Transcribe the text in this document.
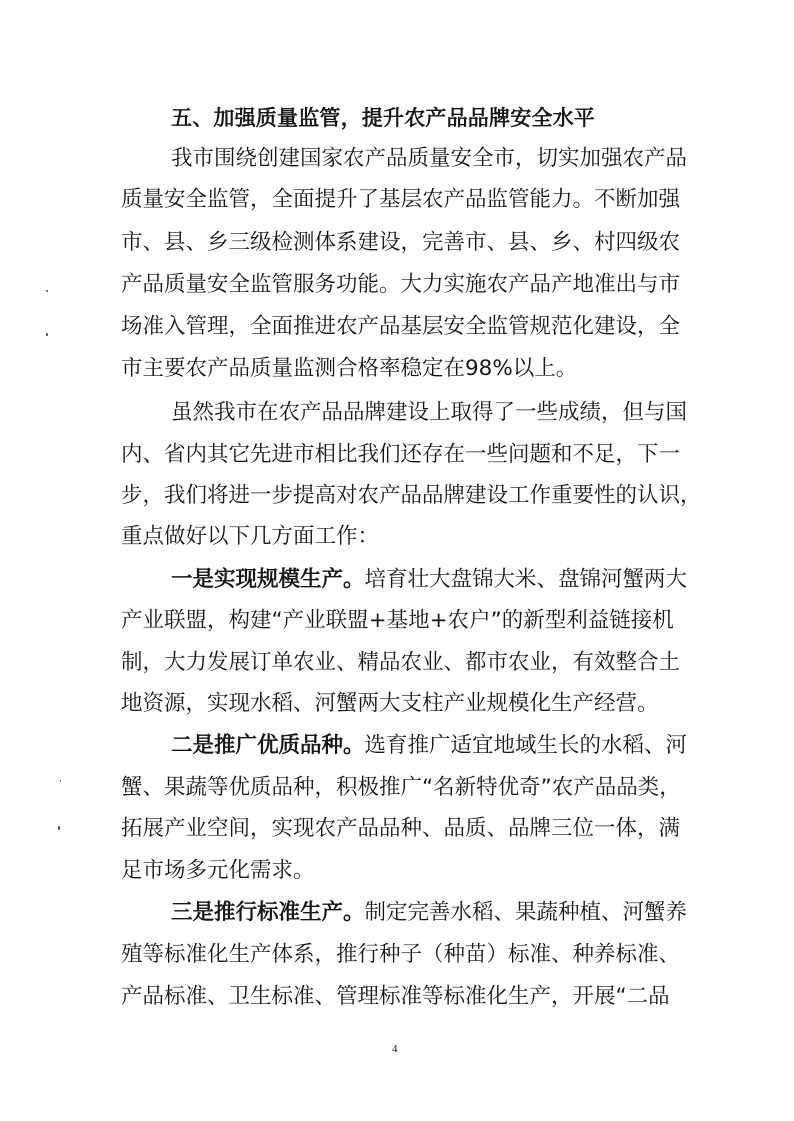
五、加强质量监管，提升农产品品牌安全水平
我市围绕创建国家农产品质量安全市，切实加强农产品
质量安全监管，全面提升了基层农产品监管能力。不断加强
市、县、乡三级检测体系建设，完善市、县、乡、村四级农
产品质量安全监管服务功能。大力实施农产品产地准出与市
场准入管理，全面推进农产品基层安全监管规范化建设，全
市主要农产品质量监测合格率稳定在98%以上。
虽然我市在农产品品牌建设上取得了一些成绩，但与国
内、省内其它先进市相比我们还存在一些问题和不足，下一
步，我们将进一步提高对农产品品牌建设工作重要性的认识，
重点做好以下几方面工作：
一是实现规模生产。培育壮大盘锦大米、盘锦河蟹两大
产业联盟，构建“产业联盟+基地+农户”的新型利益链接机
制，大力发展订单农业、精品农业、都市农业，有效整合土
地资源，实现水稻、河蟹两大支柱产业规模化生产经营。
二是推广优质品种。选育推广适宜地域生长的水稻、河
蟹、果蔬等优质品种，积极推广“名新特优奇”农产品品类，
拓展产业空间，实现农产品品种、品质、品牌三位一体，满
足市场多元化需求。
三是推行标准生产。制定完善水稻、果蔬种植、河蟹养
殖等标准化生产体系，推行种子（种苗）标准、种养标准、
产品标准、卫生标准、管理标准等标准化生产，开展“二品
4
